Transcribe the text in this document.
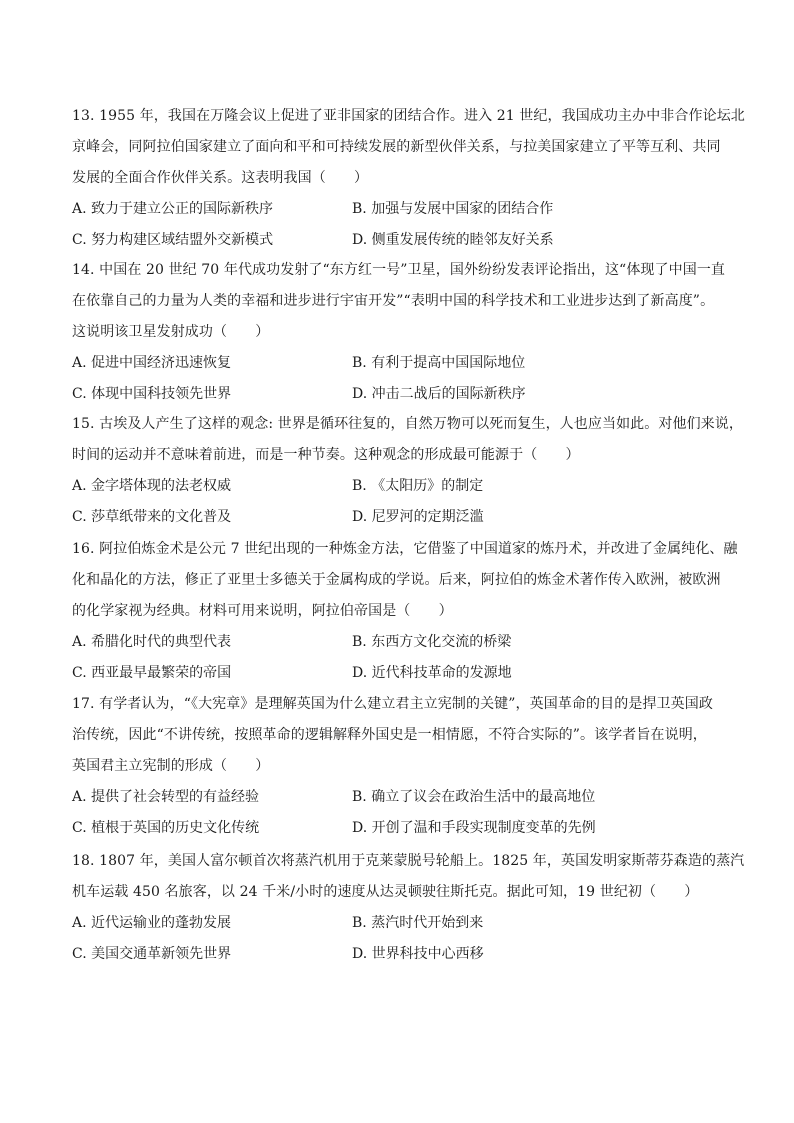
13. 1955 年，我国在万隆会议上促进了亚非国家的团结合作。进入 21 世纪，我国成功主办中非合作论坛北
京峰会，同阿拉伯国家建立了面向和平和可持续发展的新型伙伴关系，与拉美国家建立了平等互利、共同
发展的全面合作伙伴关系。这表明我国（　　）
A. 致力于建立公正的国际新秩序	B. 加强与发展中国家的团结合作
C. 努力构建区域结盟外交新模式	D. 侧重发展传统的睦邻友好关系
14. 中国在 20 世纪 70 年代成功发射了“东方红一号”卫星，国外纷纷发表评论指出，这“体现了中国一直
在依靠自己的力量为人类的幸福和进步进行宇宙开发”“表明中国的科学技术和工业进步达到了新高度”。
这说明该卫星发射成功（　　）
A. 促进中国经济迅速恢复	B. 有利于提高中国国际地位
C. 体现中国科技领先世界	D. 冲击二战后的国际新秩序
15. 古埃及人产生了这样的观念: 世界是循环往复的，自然万物可以死而复生，人也应当如此。对他们来说，
时间的运动并不意味着前进，而是一种节奏。这种观念的形成最可能源于（　　）
A. 金字塔体现的法老权威	B. 《太阳历》的制定
C. 莎草纸带来的文化普及	D. 尼罗河的定期泛滥
16. 阿拉伯炼金术是公元 7 世纪出现的一种炼金方法，它借鉴了中国道家的炼丹术，并改进了金属纯化、融
化和晶化的方法，修正了亚里士多德关于金属构成的学说。后来，阿拉伯的炼金术著作传入欧洲，被欧洲
的化学家视为经典。材料可用来说明，阿拉伯帝国是（　　）
A. 希腊化时代的典型代表	B. 东西方文化交流的桥梁
C. 西亚最早最繁荣的帝国	D. 近代科技革命的发源地
17. 有学者认为，“《大宪章》是理解英国为什么建立君主立宪制的关键”，英国革命的目的是捍卫英国政
治传统，因此“不讲传统，按照革命的逻辑解释外国史是一相情愿，不符合实际的”。该学者旨在说明，
英国君主立宪制的形成（　　）
A. 提供了社会转型的有益经验	B. 确立了议会在政治生活中的最高地位
C. 植根于英国的历史文化传统	D. 开创了温和手段实现制度变革的先例
18. 1807 年，美国人富尔顿首次将蒸汽机用于克莱蒙脱号轮船上。1825 年，英国发明家斯蒂芬森造的蒸汽
机车运载 450 名旅客，以 24 千米/小时的速度从达灵顿驶往斯托克。据此可知，19 世纪初（　　）
A. 近代运输业的蓬勃发展	B. 蒸汽时代开始到来
C. 美国交通革新领先世界	D. 世界科技中心西移
